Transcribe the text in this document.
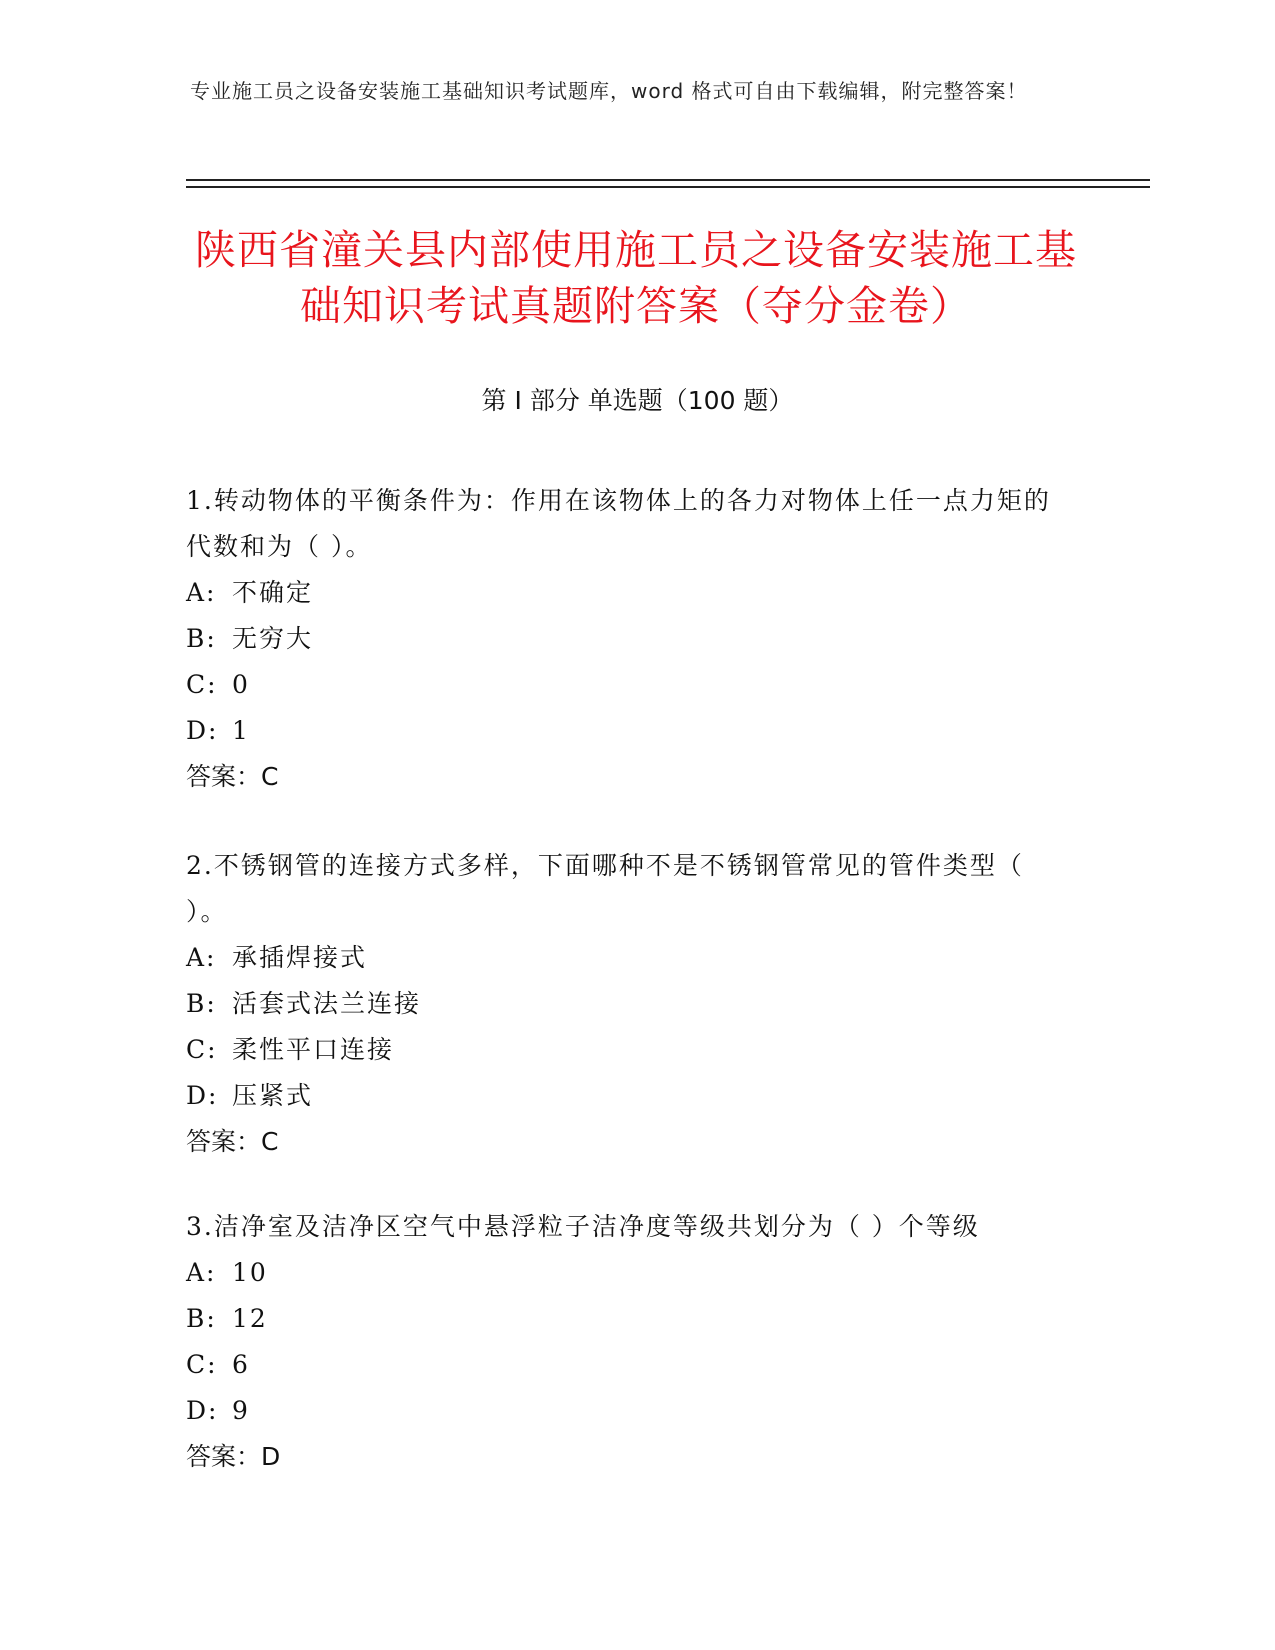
专业施工员之设备安装施工基础知识考试题库，word 格式可自由下载编辑，附完整答案！
陕西省潼关县内部使用施工员之设备安装施工基础知识考试真题附答案（夺分金卷）
第 I 部分 单选题（100 题）

1.转动物体的平衡条件为：作用在该物体上的各力对物体上任一点力矩的代数和为（ ）。

A: 不确定
B: 无穷大
C: 0
D: 1

答案：C

2.不锈钢管的连接方式多样，下面哪种不是不锈钢管常见的管件类型（ ）。

A: 承插焊接式
B: 活套式法兰连接
C: 柔性平口连接
D: 压紧式

答案：C

3.洁净室及洁净区空气中悬浮粒子洁净度等级共划分为（ ）个等级

A: 10
B: 12
C: 6
D: 9

答案：D
